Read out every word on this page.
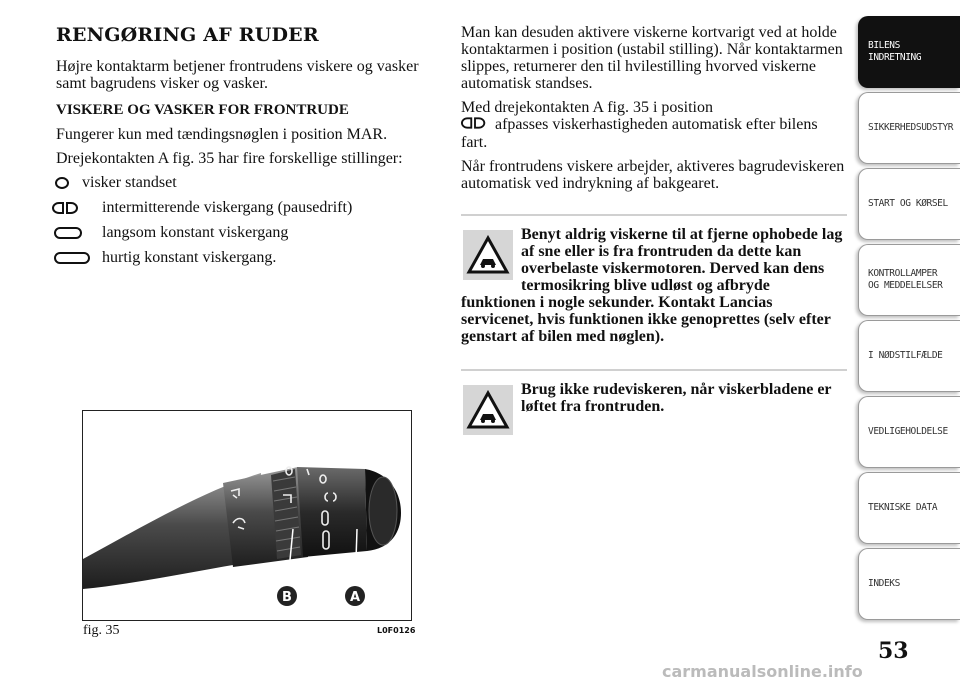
RENGØRING AF RUDER
Højre kontaktarm betjener frontrudens viskere og vasker samt bagrudens visker og vasker.
VISKERE OG VASKER FOR FRONTRUDE
Fungerer kun med tændingsnøglen i position MAR.
Drejekontakten A fig. 35 har fire forskellige stillinger:
visker standset
intermitterende viskergang (pausedrift)
langsom konstant viskergang
hurtig konstant viskergang.
B	A
fig. 35	L0F0126
Man kan desuden aktivere viskerne kortvarigt ved at holde kontaktarmen i position (ustabil stilling). Når kontaktarmen slippes, returnerer den til hvilestilling hvorved viskerne automatisk standses.
Med drejekontakten A fig. 35 i position
afpasses viskerhastigheden automatisk efter bilens fart.
Når frontrudens viskere arbejder, aktiveres bagrudeviskeren automatisk ved indrykning af bakgearet.
Benyt aldrig viskerne til at fjerne ophobede lag af sne eller is fra frontruden da dette kan overbelaste viskermotoren. Derved kan dens termosikring blive udløst og afbryde funktionen i nogle sekunder. Kontakt Lancias servicenet, hvis funktionen ikke genoprettes (selv efter genstart af bilen med nøglen).
Brug ikke rudeviskeren, når viskerbladene er løftet fra frontruden.
BILENS
INDRETNING
SIKKERHEDSUDSTYR
START OG KØRSEL
KONTROLLAMPER
OG MEDDELELSER
I NØDSTILFÆLDE
VEDLIGEHOLDELSE
TEKNISKE DATA
INDEKS
53
carmanualsonline.info
